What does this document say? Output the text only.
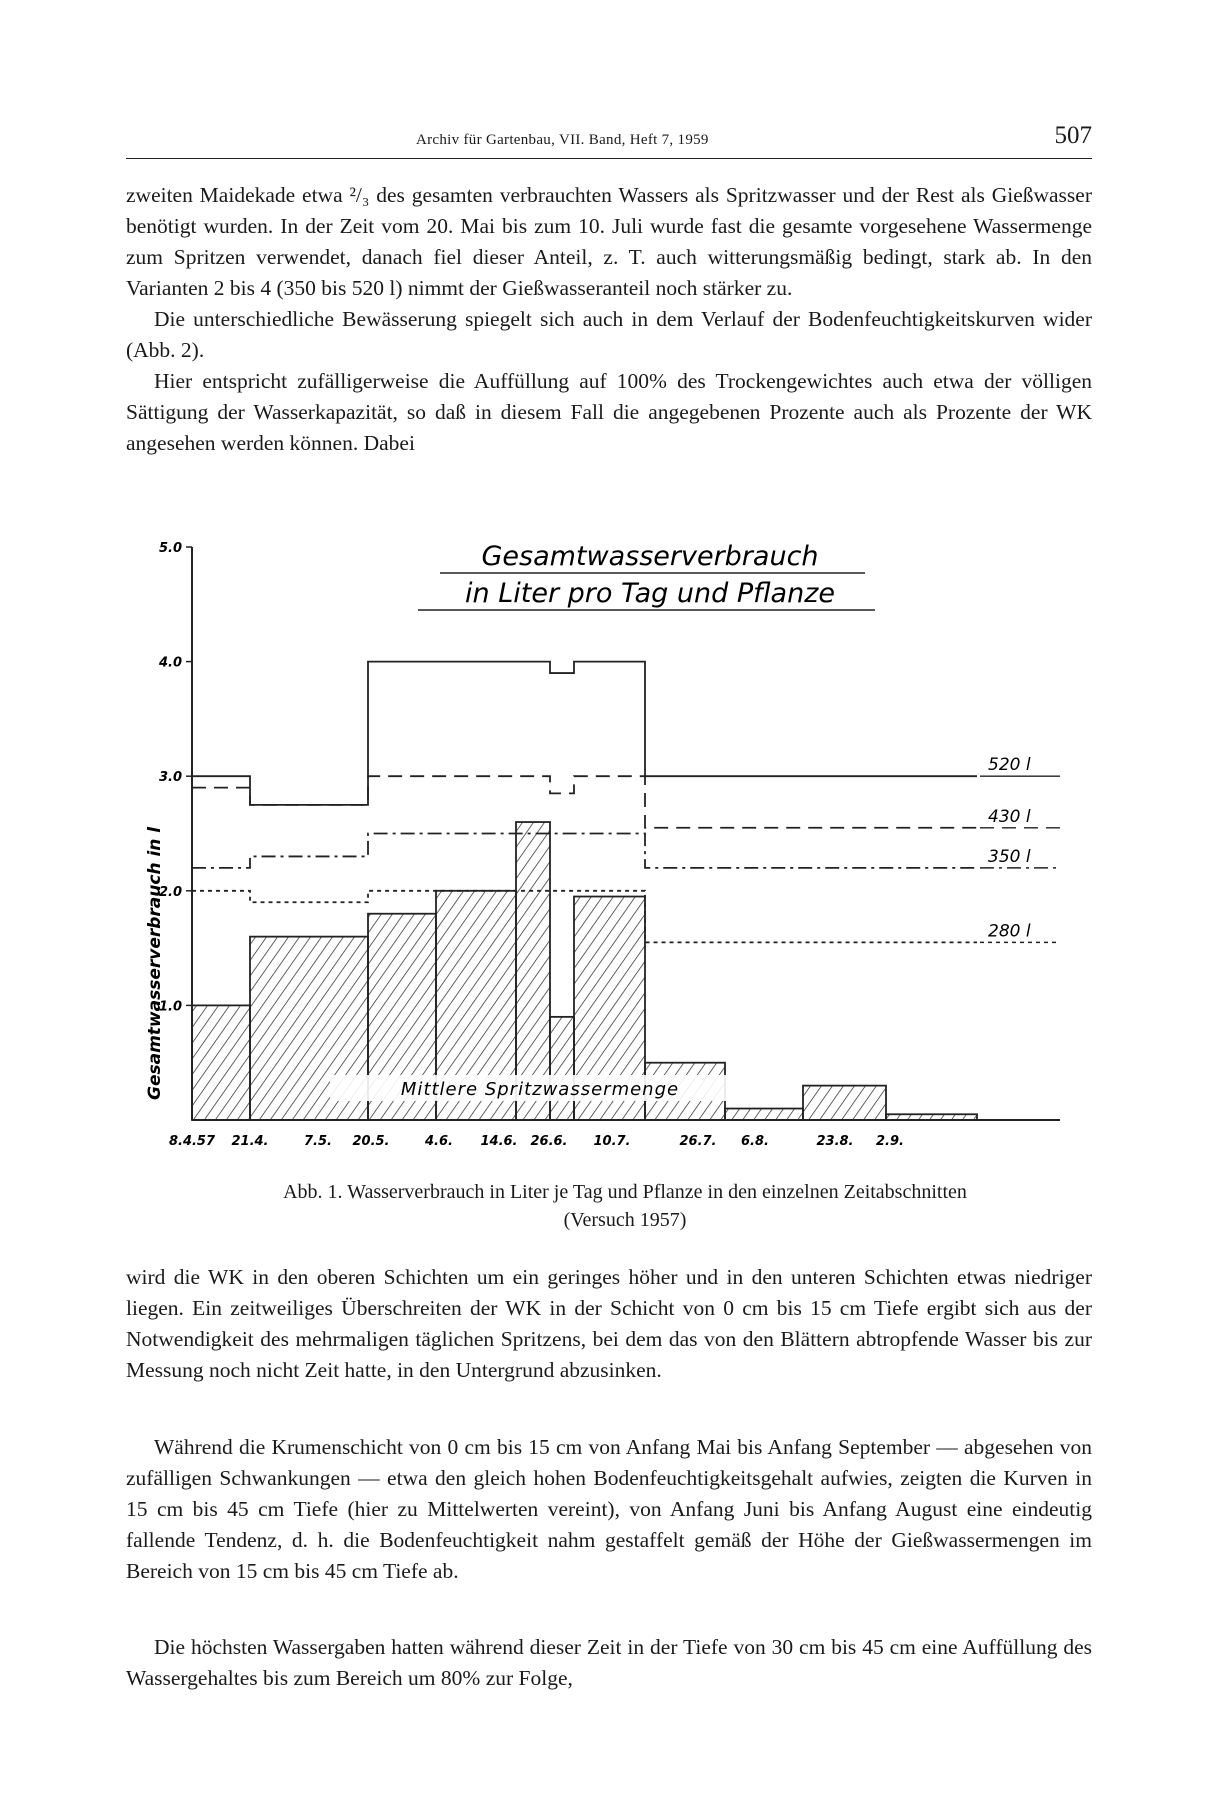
Archiv für Gartenbau, VII. Band, Heft 7, 1959	507

zweiten Maidekade etwa ²/₃ des gesamten verbrauchten Wassers als Spritzwasser und der Rest als Gießwasser benötigt wurden. In der Zeit vom 20. Mai bis zum 10. Juli wurde fast die gesamte vorgesehene Wassermenge zum Spritzen verwendet, danach fiel dieser Anteil, z. T. auch witterungsmäßig bedingt, stark ab. In den Varianten 2 bis 4 (350 bis 520 l) nimmt der Gießwasseranteil noch stärker zu.

Die unterschiedliche Bewässerung spiegelt sich auch in dem Verlauf der Bodenfeuchtigkeitskurven wider (Abb. 2).

Hier entspricht zufälligerweise die Auffüllung auf 100% des Trockengewichtes auch etwa der völligen Sättigung der Wasserkapazität, so daß in diesem Fall die angegebenen Prozente auch als Prozente der WK angesehen werden können. Dabei

1.0
2.0
3.0
4.0
5.0
Gesamtwasserverbrauch in l
Gesamtwasserverbrauch
in Liter pro Tag und Pflanze
Mittlere Spritzwassermenge
520 l
430 l
350 l
280 l
8.4.57 21.4.	7.5. 20.5.	4.6. 14.6. 26.6. 10.7.	26.7. 6.8.	23.8. 2.9.
Abb. 1. Wasserverbrauch in Liter je Tag und Pflanze in den einzelnen Zeitabschnitten
(Versuch 1957)

wird die WK in den oberen Schichten um ein geringes höher und in den unteren Schichten etwas niedriger liegen. Ein zeitweiliges Überschreiten der WK in der Schicht von 0 cm bis 15 cm Tiefe ergibt sich aus der Notwendigkeit des mehrmaligen täglichen Spritzens, bei dem das von den Blättern abtropfende Wasser bis zur Messung noch nicht Zeit hatte, in den Untergrund abzusinken.

Während die Krumenschicht von 0 cm bis 15 cm von Anfang Mai bis Anfang September — abgesehen von zufälligen Schwankungen — etwa den gleich hohen Bodenfeuchtigkeitsgehalt aufwies, zeigten die Kurven in 15 cm bis 45 cm Tiefe (hier zu Mittelwerten vereint), von Anfang Juni bis Anfang August eine eindeutig fallende Tendenz, d. h. die Bodenfeuchtigkeit nahm gestaffelt gemäß der Höhe der Gießwassermengen im Bereich von 15 cm bis 45 cm Tiefe ab.

Die höchsten Wassergaben hatten während dieser Zeit in der Tiefe von 30 cm bis 45 cm eine Auffüllung des Wassergehaltes bis zum Bereich um 80% zur Folge,
